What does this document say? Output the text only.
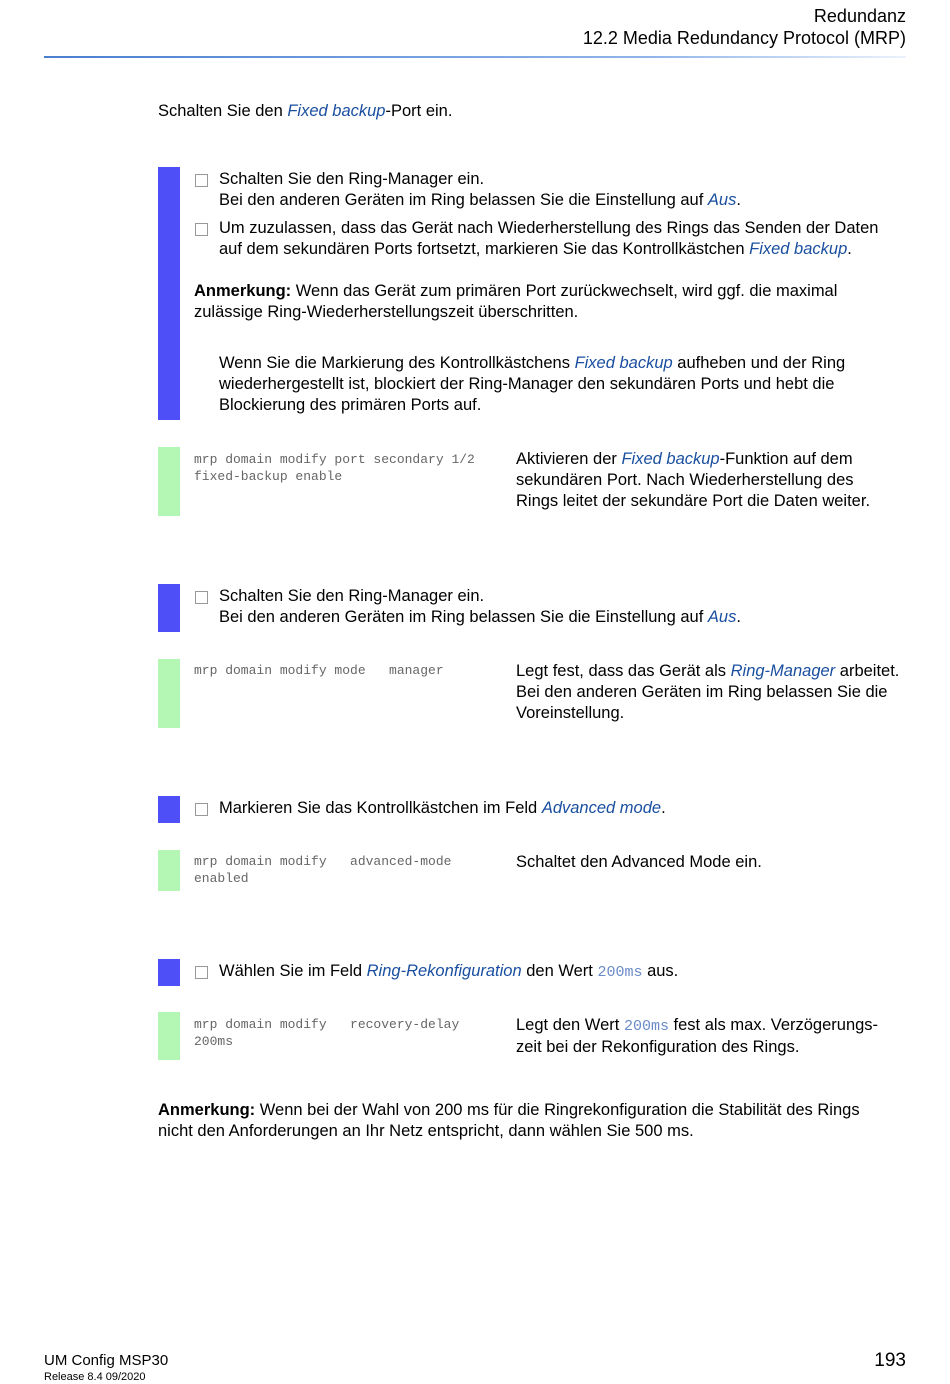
Redundanz
12.2 Media Redundancy Protocol (MRP)
Schalten Sie den Fixed backup-Port ein.
Schalten Sie den Ring-Manager ein.
Bei den anderen Geräten im Ring belassen Sie die Einstellung auf Aus.
Um zuzulassen, dass das Gerät nach Wiederherstellung des Rings das Senden der Daten
auf dem sekundären Ports fortsetzt, markieren Sie das Kontrollkästchen Fixed backup.
Anmerkung: Wenn das Gerät zum primären Port zurückwechselt, wird ggf. die maximal
zulässige Ring-Wiederherstellungszeit überschritten.
Wenn Sie die Markierung des Kontrollkästchens Fixed backup aufheben und der Ring
wiederhergestellt ist, blockiert der Ring-Manager den sekundären Ports und hebt die
Blockierung des primären Ports auf.
mrp domain modify port secondary 1/2
fixed-backup enable
Aktivieren der Fixed backup-Funktion auf dem
sekundären Port. Nach Wiederherstellung des
Rings leitet der sekundäre Port die Daten weiter.
Schalten Sie den Ring-Manager ein.
Bei den anderen Geräten im Ring belassen Sie die Einstellung auf Aus.
mrp domain modify mode   manager	Legt fest, dass das Gerät als Ring-Manager arbeitet.
Bei den anderen Geräten im Ring belassen Sie die
Voreinstellung.
Markieren Sie das Kontrollkästchen im Feld Advanced mode.
mrp domain modify   advanced-mode
enabled
Schaltet den Advanced Mode ein.
Wählen Sie im Feld Ring-Rekonfiguration den Wert 200ms aus.
mrp domain modify   recovery-delay
200ms
Legt den Wert 200ms fest als max. Verzögerungs-
zeit bei der Rekonfiguration des Rings.
Anmerkung: Wenn bei der Wahl von 200 ms für die Ringrekonfiguration die Stabilität des Rings
nicht den Anforderungen an Ihr Netz entspricht, dann wählen Sie 500 ms.
UM Config MSP30
Release 8.4 09/2020
193
